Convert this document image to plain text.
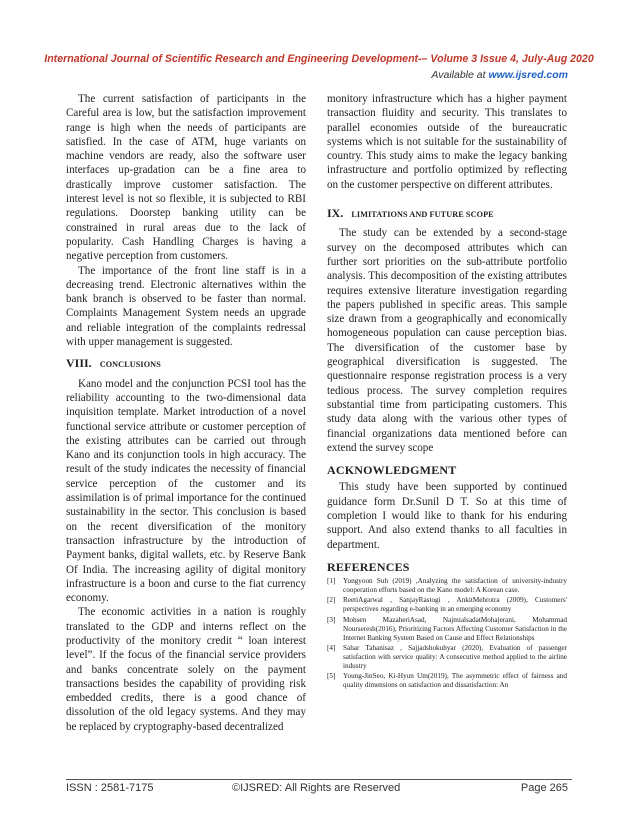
International Journal of Scientific Research and Engineering Development-– Volume 3 Issue 4, July-Aug 2020
Available at www.ijsred.com

The current satisfaction of participants in the Careful area is low, but the satisfaction improvement range is high when the needs of participants are satisfied. In the case of ATM, huge variants on machine vendors are ready, also the software user interfaces up-gradation can be a fine area to drastically improve customer satisfaction. The interest level is not so flexible, it is subjected to RBI regulations. Doorstep banking utility can be constrained in rural areas due to the lack of popularity. Cash Handling Charges is having a negative perception from customers.

The importance of the front line staff is in a decreasing trend. Electronic alternatives within the bank branch is observed to be faster than normal. Complaints Management System needs an upgrade and reliable integration of the complaints redressal with upper management is suggested.

VIII. CONCLUSIONS

Kano model and the conjunction PCSI tool has the reliability accounting to the two-dimensional data inquisition template. Market introduction of a novel functional service attribute or customer perception of the existing attributes can be carried out through Kano and its conjunction tools in high accuracy. The result of the study indicates the necessity of financial service perception of the customer and its assimilation is of primal importance for the continued sustainability in the sector. This conclusion is based on the recent diversification of the monitory transaction infrastructure by the introduction of Payment banks, digital wallets, etc. by Reserve Bank Of India. The increasing agility of digital monitory infrastructure is a boon and curse to the fiat currency economy.

The economic activities in a nation is roughly translated to the GDP and interns reflect on the productivity of the monitory credit “ loan interest level”. If the focus of the financial service providers and banks concentrate solely on the payment transactions besides the capability of providing risk embedded credits, there is a good chance of dissolution of the old legacy systems. And they may be replaced by cryptography-based decentralized

monitory infrastructure which has a higher payment transaction fluidity and security. This translates to parallel economies outside of the bureaucratic systems which is not suitable for the sustainability of country. This study aims to make the legacy banking infrastructure and portfolio optimized by reflecting on the customer perspective on different attributes.

IX. LIMITATIONS AND FUTURE SCOPE

The study can be extended by a second-stage survey on the decomposed attributes which can further sort priorities on the sub-attribute portfolio analysis. This decomposition of the existing attributes requires extensive literature investigation regarding the papers published in specific areas. This sample size drawn from a geographically and economically homogeneous population can cause perception bias. The diversification of the customer base by geographical diversification is suggested. The questionnaire response registration process is a very tedious process. The survey completion requires substantial time from participating customers. This study data along with the various other types of financial organizations data mentioned before can extend the survey scope

ACKNOWLEDGMENT

This study have been supported by continued guidance form Dr.Sunil D T. So at this time of completion I would like to thank for his enduring support. And also extend thanks to all faculties in department.

REFERENCES
[1]	Yongyoon Suh (2019) ,Analyzing the satisfaction of university-industry cooperation efforts based on the Kano model: A Korean case.
[2]	ReetiAgarwal , SanjayRastogi , AnkitMehrotra (2009), Customers' perspectives regarding e-banking in an emerging economy
[3]	Mohsen MazaheriAsad, NajmialsadatMohajerani, Mohammad Nourseresh(2016), Prioritizing Factors Affecting Customer Satisfaction in the Internet Banking System Based on Cause and Effect Relationships
[4]	Sahar Tahanisaz , Sajjadshokuhyar (2020), Evaluation of passenger satisfaction with service quality: A consecutive method applied to the airline industry
[5]	Young-JinSeo, Ki-Hyun Um(2019), The asymmetric effect of fairness and quality dimensions on satisfaction and dissatisfaction: An
ISSN : 2581-7175	©IJSRED: All Rights are Reserved	Page 265
